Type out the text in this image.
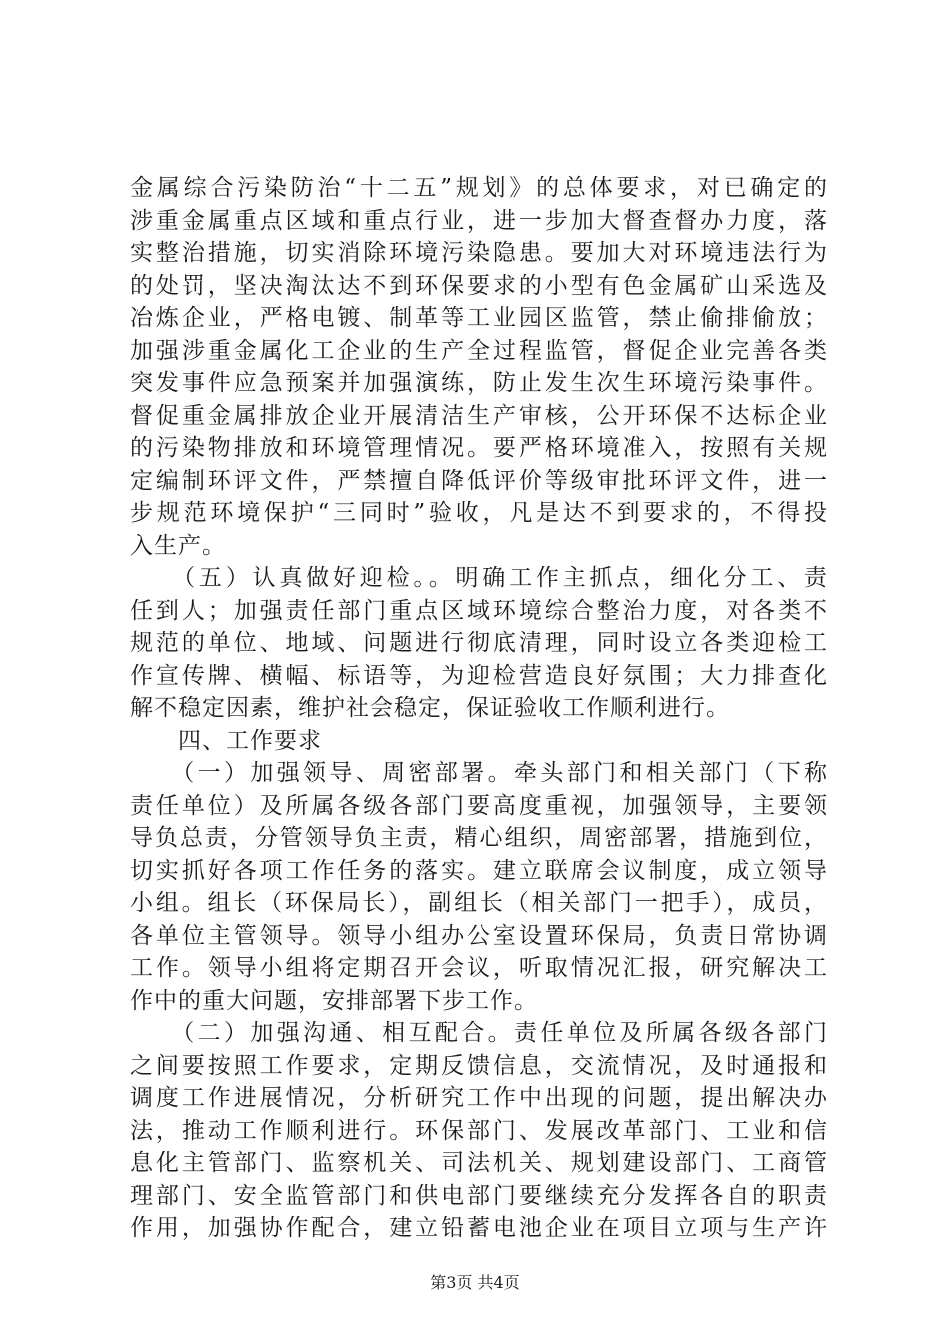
金属综合污染防治“十二五”规划》的总体要求，对已确定的
涉重金属重点区域和重点行业，进一步加大督查督办力度，落
实整治措施，切实消除环境污染隐患。要加大对环境违法行为
的处罚，坚决淘汰达不到环保要求的小型有色金属矿山采选及
冶炼企业，严格电镀、制革等工业园区监管，禁止偷排偷放；
加强涉重金属化工企业的生产全过程监管，督促企业完善各类
突发事件应急预案并加强演练，防止发生次生环境污染事件。
督促重金属排放企业开展清洁生产审核，公开环保不达标企业
的污染物排放和环境管理情况。要严格环境准入，按照有关规
定编制环评文件，严禁擅自降低评价等级审批环评文件，进一
步规范环境保护“三同时”验收，凡是达不到要求的，不得投
入生产。
　　（五）认真做好迎检。。明确工作主抓点，细化分工、责
任到人；加强责任部门重点区域环境综合整治力度，对各类不
规范的单位、地域、问题进行彻底清理，同时设立各类迎检工
作宣传牌、横幅、标语等，为迎检营造良好氛围；大力排查化
解不稳定因素，维护社会稳定，保证验收工作顺利进行。
　　四、工作要求
　　（一）加强领导、周密部署。牵头部门和相关部门（下称
责任单位）及所属各级各部门要高度重视，加强领导，主要领
导负总责，分管领导负主责，精心组织，周密部署，措施到位，
切实抓好各项工作任务的落实。建立联席会议制度，成立领导
小组。组长（环保局长），副组长（相关部门一把手），成员，
各单位主管领导。领导小组办公室设置环保局，负责日常协调
工作。领导小组将定期召开会议，听取情况汇报，研究解决工
作中的重大问题，安排部署下步工作。
　　（二）加强沟通、相互配合。责任单位及所属各级各部门
之间要按照工作要求，定期反馈信息，交流情况，及时通报和
调度工作进展情况，分析研究工作中出现的问题，提出解决办
法，推动工作顺利进行。环保部门、发展改革部门、工业和信
息化主管部门、监察机关、司法机关、规划建设部门、工商管
理部门、安全监管部门和供电部门要继续充分发挥各自的职责
作用，加强协作配合，建立铅蓄电池企业在项目立项与生产许
第3页 共4页
